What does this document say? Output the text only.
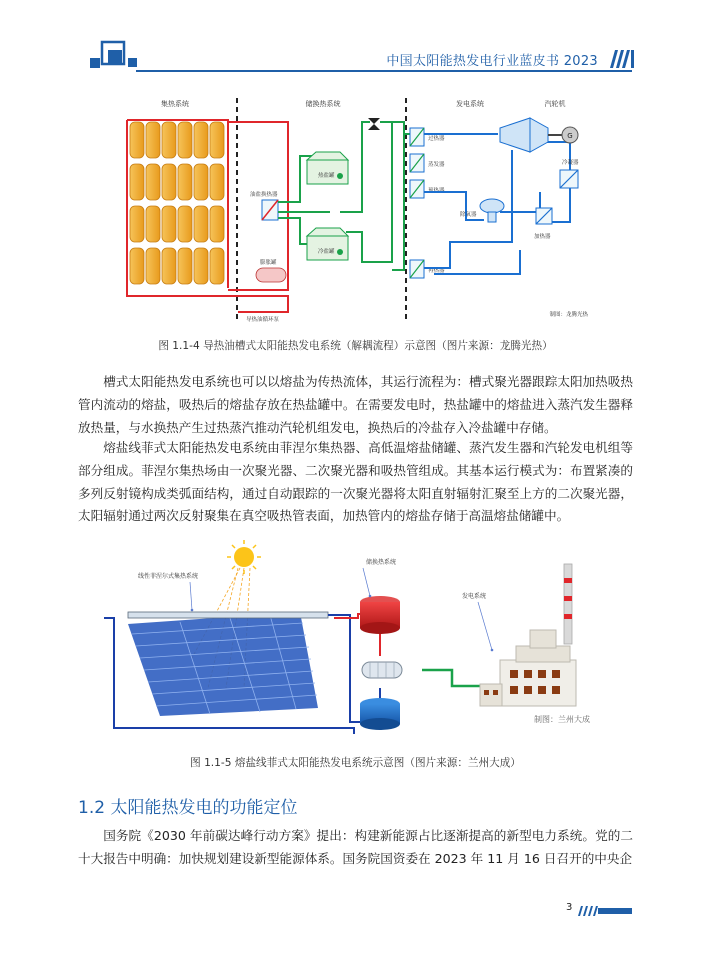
中国太阳能热发电行业蓝皮书 2023
集热系统	储换热系统	发电系统	汽轮机
油盐换热器
膨胀罐
导热油循环泵
热盐罐
冷盐罐
过热器
蒸发器
预热器
再热器
除氧器
G
冷凝器
加热器
制图：龙腾光热
图 1.1-4 导热油槽式太阳能热发电系统（解耦流程）示意图（图片来源：龙腾光热）

槽式太阳能热发电系统也可以以熔盐为传热流体，其运行流程为：槽式聚光器跟踪太阳加热吸热管内流动的熔盐，吸热后的熔盐存放在热盐罐中。在需要发电时，热盐罐中的熔盐进入蒸汽发生器释放热量，与水换热产生过热蒸汽推动汽轮机组发电，换热后的冷盐存入冷盐罐中存储。

熔盐线菲式太阳能热发电系统由菲涅尔集热器、高低温熔盐储罐、蒸汽发生器和汽轮发电机组等部分组成。菲涅尔集热场由一次聚光器、二次聚光器和吸热管组成。其基本运行模式为：布置紧凑的多列反射镜构成类弧面结构，通过自动跟踪的一次聚光器将太阳直射辐射汇聚至上方的二次聚光器，太阳辐射通过两次反射聚集在真空吸热管表面，加热管内的熔盐存储于高温熔盐储罐中。

线性菲涅尔式集热系统
储换热系统
发电系统
制图：兰州大成
图 1.1-5 熔盐线菲式太阳能热发电系统示意图（图片来源：兰州大成）
1.2 太阳能热发电的功能定位

国务院《2030 年前碳达峰行动方案》提出：构建新能源占比逐渐提高的新型电力系统。党的二十大报告中明确：加快规划建设新型能源体系。国务院国资委在 2023 年 11 月 16 日召开的中央企

3
